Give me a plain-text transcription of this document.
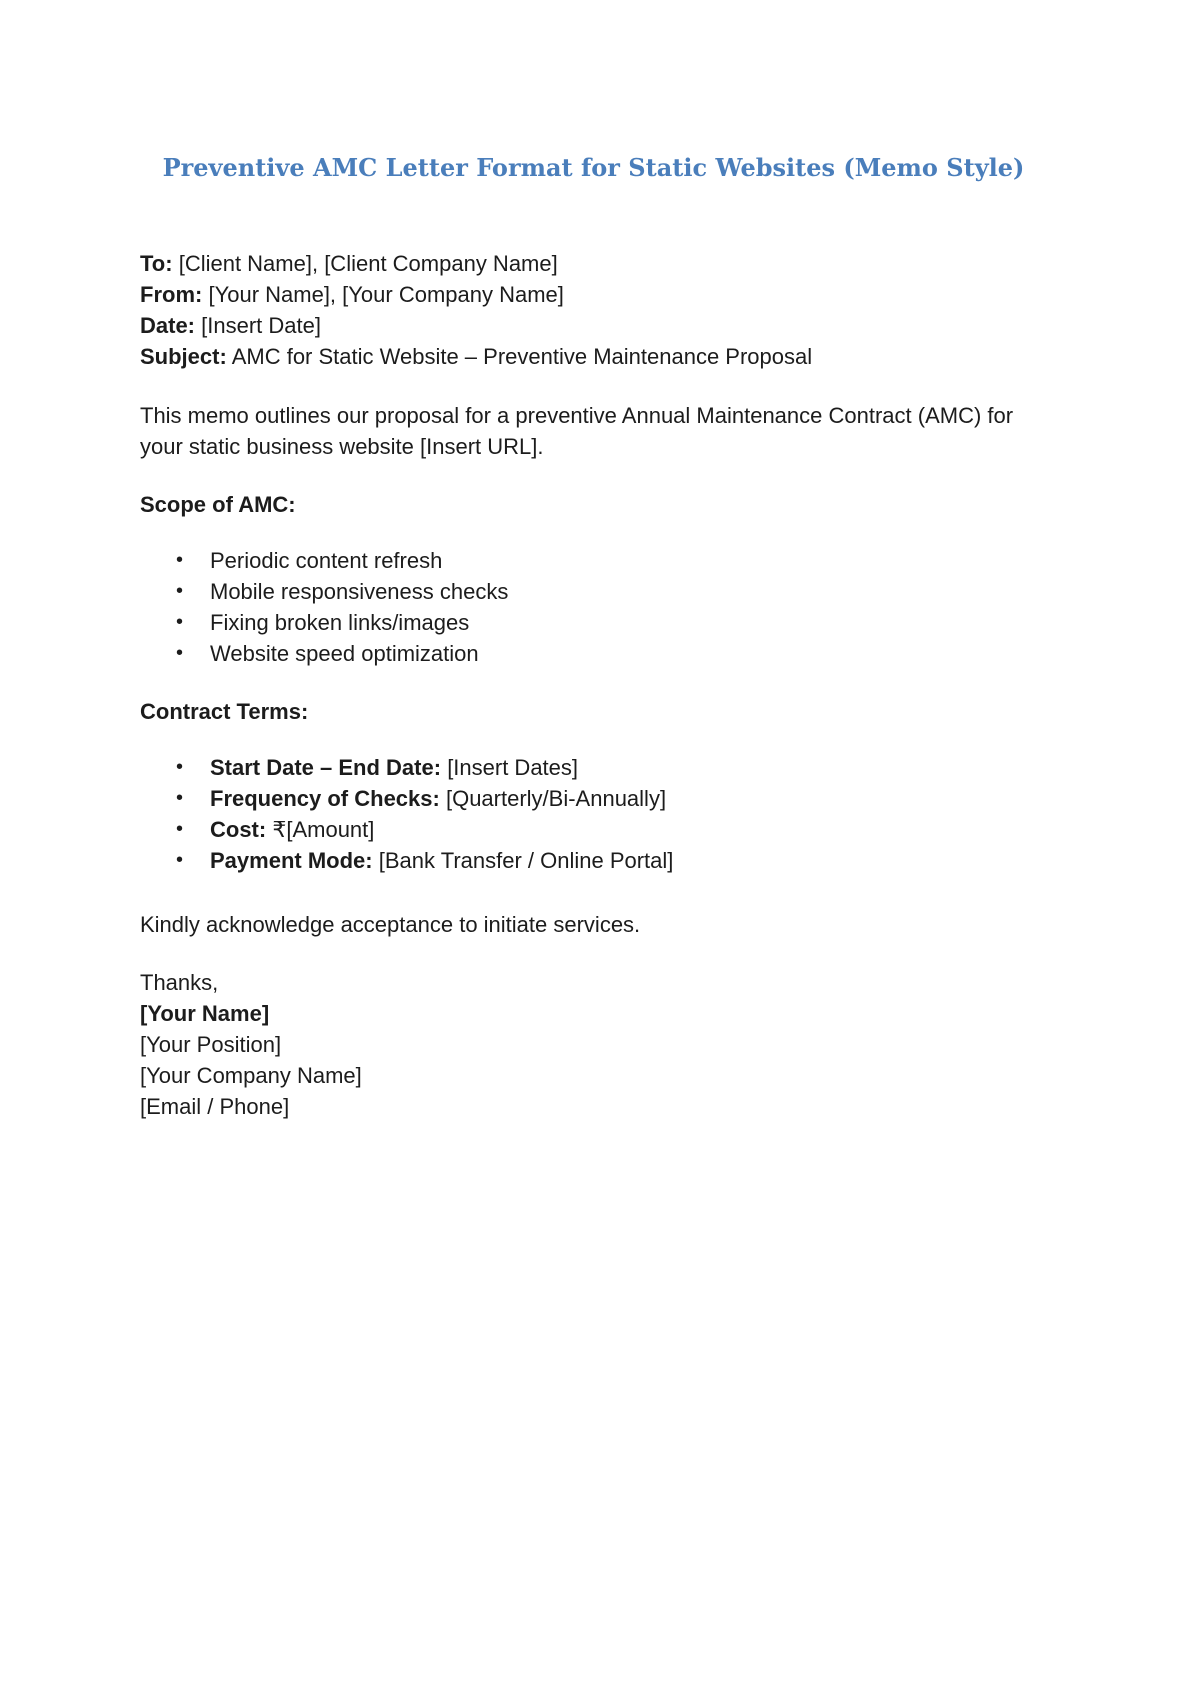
Preventive AMC Letter Format for Static Websites (Memo Style)
To: [Client Name], [Client Company Name]
From: [Your Name], [Your Company Name]
Date: [Insert Date]
Subject: AMC for Static Website – Preventive Maintenance Proposal

This memo outlines our proposal for a preventive Annual Maintenance Contract (AMC) for your static business website [Insert URL].

Scope of AMC:
• Periodic content refresh
• Mobile responsiveness checks
• Fixing broken links/images
• Website speed optimization
Contract Terms:
• Start Date – End Date: [Insert Dates]
• Frequency of Checks: [Quarterly/Bi-Annually]
• Cost: ₹[Amount]
• Payment Mode: [Bank Transfer / Online Portal]

Kindly acknowledge acceptance to initiate services.

Thanks,
[Your Name]
[Your Position]
[Your Company Name]
[Email / Phone]
